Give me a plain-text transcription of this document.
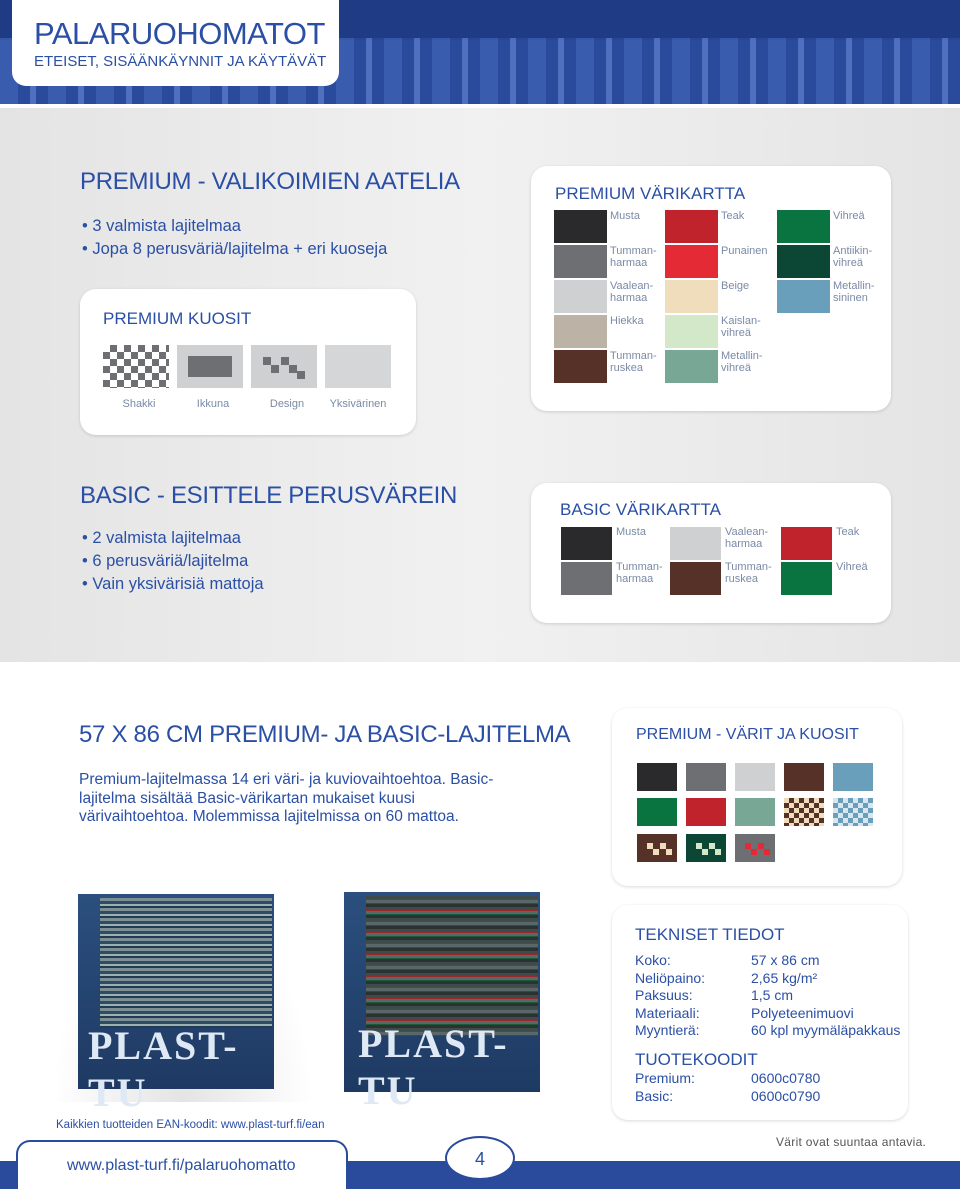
PALARUOHOMATOT
ETEISET, SISÄÄNKÄYNNIT JA KÄYTÄVÄT
PREMIUM - VALIKOIMIEN AATELIA
• 3 valmista lajitelmaa
• Jopa 8 perusväriä/lajitelma + eri kuoseja
PREMIUM KUOSIT
Shakki	Ikkuna	Design	Yksivärinen
PREMIUM VÄRIKARTTA
BASIC - ESITTELE PERUSVÄREIN
• 2 valmista lajitelmaa
• 6 perusväriä/lajitelma
• Vain yksivärisiä mattoja
BASIC VÄRIKARTTA
57 X 86 CM PREMIUM- JA BASIC-LAJITELMA
Premium-lajitelmassa 14 eri väri- ja kuviovaihtoehtoa. Basic-lajitelma sisältää Basic-värikartan mukaiset kuusi värivaihtoehtoa. Molemmissa lajitelmissa on 60 mattoa.
PREMIUM - VÄRIT JA KUOSIT
PLAST-TU
PLAST-TU
TEKNISET TIEDOT
TUOTEKOODIT
Kaikkien tuotteiden EAN-koodit: www.plast-turf.fi/ean
www.plast-turf.fi/palaruohomatto	4
Värit ovat suuntaa antavia.
Musta
Tumman-
harmaa
Vaalean-
harmaa
Hiekka
Tumman-
ruskea
Teak
Punainen
Beige
Kaislan-
vihreä
Metallin-
vihreä
Vihreä
Antiikin-
vihreä
Metallin-
sininen
Musta
Tumman-
harmaa
Vaalean-
harmaa
Tumman-
ruskea
Teak
Vihreä
Koko:	57 x 86 cm
Neliöpaino:	2,65 kg/m²
Paksuus:	1,5 cm
Materiaali:	Polyeteenimuovi
Myyntierä:	60 kpl myymäläpakkaus
Premium:	0600c0780
Basic:	0600c0790
